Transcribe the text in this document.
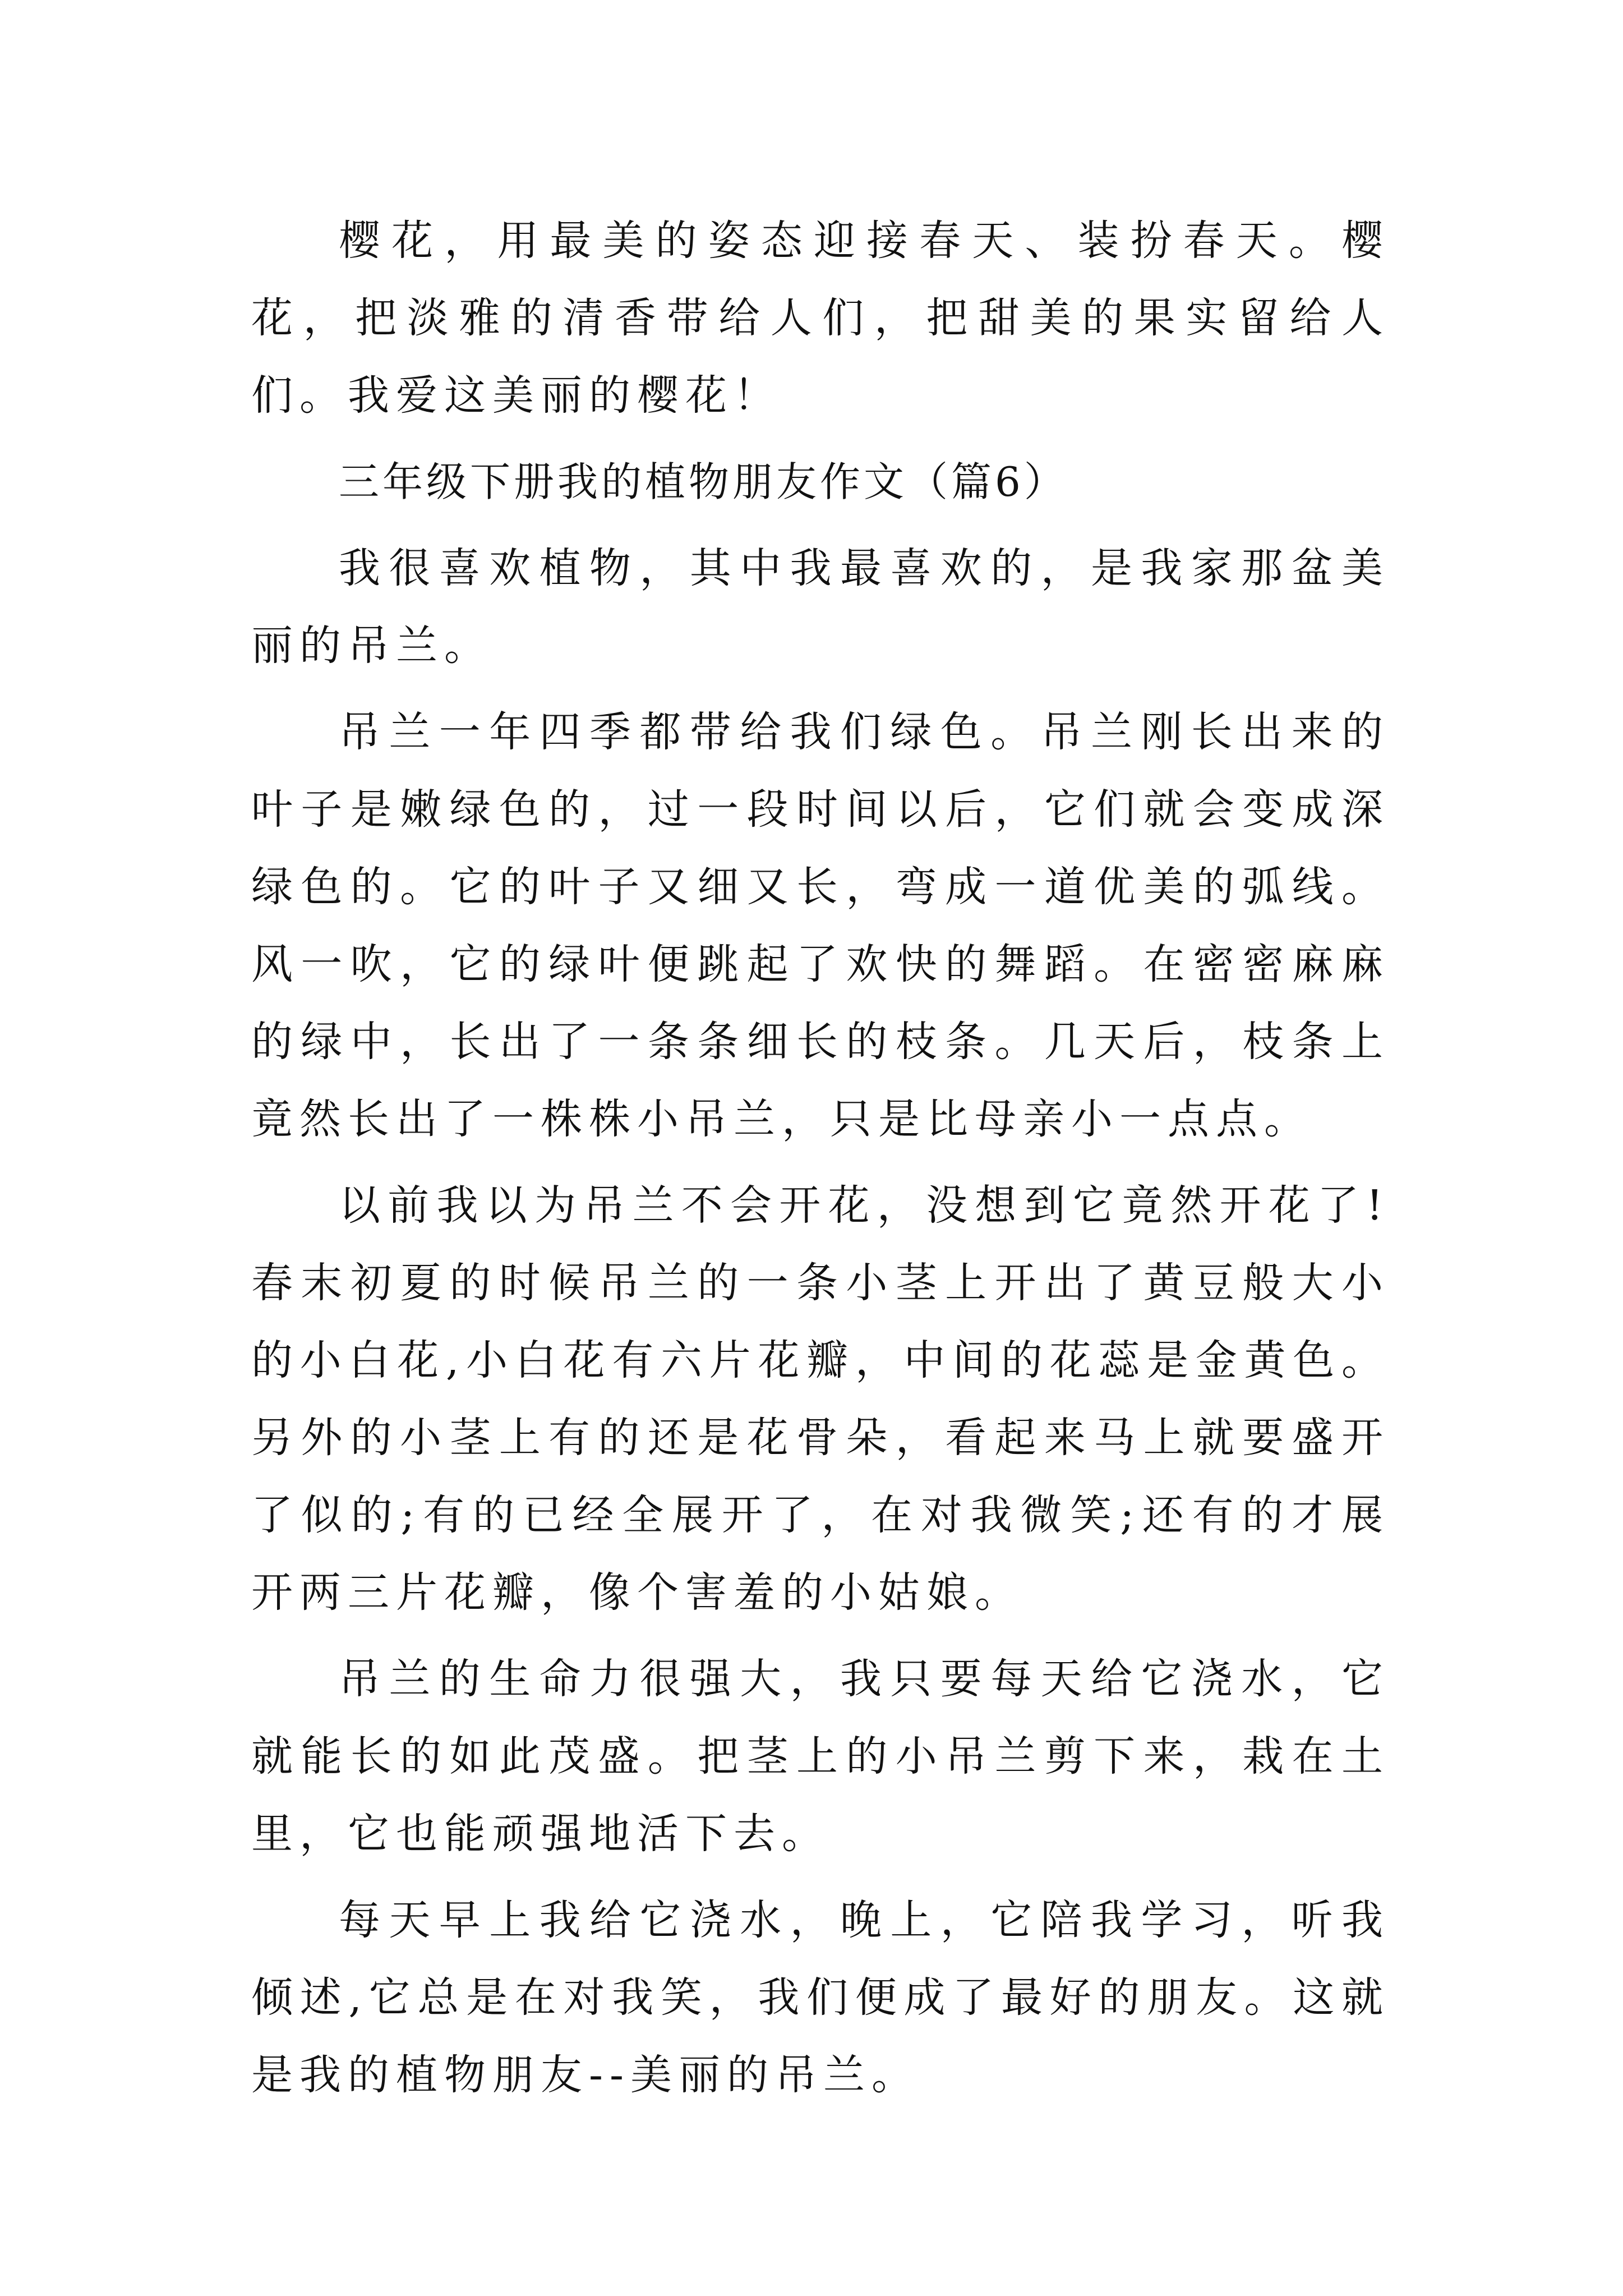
樱花，用最美的姿态迎接春天、装扮春天。樱花，把淡雅的清香带给人们，把甜美的果实留给人们。我爱这美丽的樱花！

三年级下册我的植物朋友作文（篇6）

我很喜欢植物，其中我最喜欢的，是我家那盆美丽的吊兰。

吊兰一年四季都带给我们绿色。吊兰刚长出来的叶子是嫩绿色的，过一段时间以后，它们就会变成深绿色的。它的叶子又细又长，弯成一道优美的弧线。风一吹，它的绿叶便跳起了欢快的舞蹈。在密密麻麻的绿中，长出了一条条细长的枝条。几天后，枝条上竟然长出了一株株小吊兰，只是比母亲小一点点。

以前我以为吊兰不会开花，没想到它竟然开花了!春末初夏的时候吊兰的一条小茎上开出了黄豆般大小的小白花,小白花有六片花瓣，中间的花蕊是金黄色。另外的小茎上有的还是花骨朵，看起来马上就要盛开了似的;有的已经全展开了，在对我微笑;还有的才展开两三片花瓣，像个害羞的小姑娘。

吊兰的生命力很强大，我只要每天给它浇水，它就能长的如此茂盛。把茎上的小吊兰剪下来，栽在土里，它也能顽强地活下去。

每天早上我给它浇水，晚上，它陪我学习，听我倾述,它总是在对我笑，我们便成了最好的朋友。这就是我的植物朋友--美丽的吊兰。
